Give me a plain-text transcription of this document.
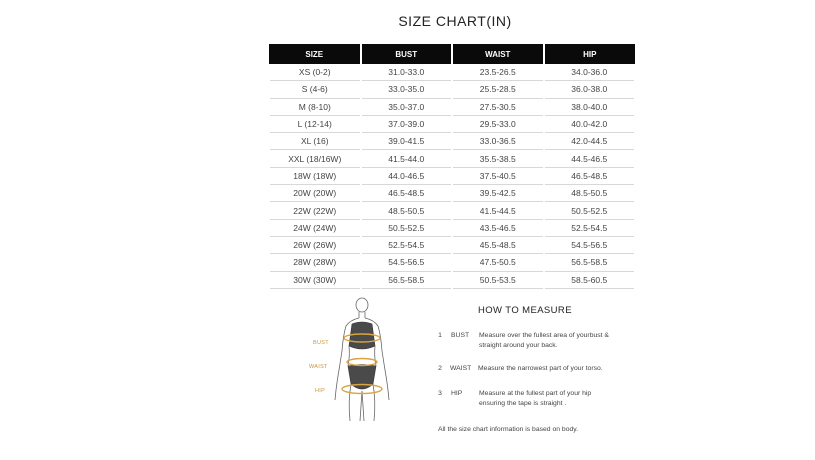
SIZE CHART(IN)
SIZE	BUST	WAIST	HIP
XS (0-2)	31.0-33.0	23.5-26.5	34.0-36.0
S (4-6)	33.0-35.0	25.5-28.5	36.0-38.0
M (8-10)	35.0-37.0	27.5-30.5	38.0-40.0
L (12-14)	37.0-39.0	29.5-33.0	40.0-42.0
XL (16)	39.0-41.5	33.0-36.5	42.0-44.5
XXL (18/16W)	41.5-44.0	35.5-38.5	44.5-46.5
18W (18W)	44.0-46.5	37.5-40.5	46.5-48.5
20W (20W)	46.5-48.5	39.5-42.5	48.5-50.5
22W (22W)	48.5-50.5	41.5-44.5	50.5-52.5
24W (24W)	50.5-52.5	43.5-46.5	52.5-54.5
26W (26W)	52.5-54.5	45.5-48.5	54.5-56.5
28W (28W)	54.5-56.5	47.5-50.5	56.5-58.5
30W (30W)	56.5-58.5	50.5-53.5	58.5-60.5
BUST
WAIST
HIP
HOW TO MEASURE
1	BUST Measure over the fullest area of yourbust & straight around your back.
2	WAIST Measure the narrowest part of your torso.
3	HIP Measure at the fullest part of your hip ensuring the tape is straight .
All the size chart information is based on body.
